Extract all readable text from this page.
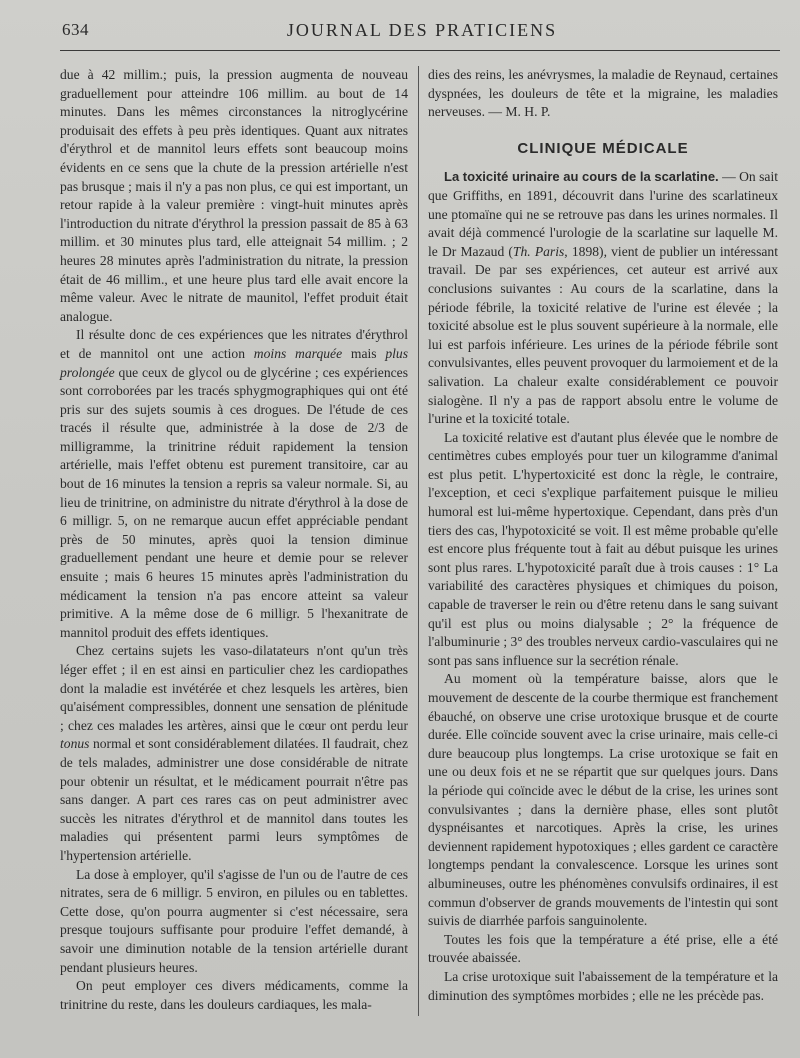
634	JOURNAL DES PRATICIENS

due à 42 millim.; puis, la pression augmenta de nouveau graduellement pour atteindre 106 millim. au bout de 14 minutes. Dans les mêmes circonstances la nitroglycérine produisait des effets à peu près identiques. Quant aux nitrates d'érythrol et de mannitol leurs effets sont beaucoup moins évidents en ce sens que la chute de la pression artérielle n'est pas brusque ; mais il n'y a pas non plus, ce qui est important, un retour rapide à la valeur première : vingt-huit minutes après l'introduction du nitrate d'érythrol la pression passait de 85 à 63 millim. et 30 minutes plus tard, elle atteignait 54 millim. ; 2 heures 28 minutes après l'administration du nitrate, la pression était de 46 millim., et une heure plus tard elle avait encore la même valeur. Avec le nitrate de maunitol, l'effet produit était analogue.

Il résulte donc de ces expériences que les nitrates d'érythrol et de mannitol ont une action moins marquée mais plus prolongée que ceux de glycol ou de glycérine ; ces expériences sont corroborées par les tracés sphygmographiques qui ont été pris sur des sujets soumis à ces drogues. De l'étude de ces tracés il résulte que, administrée à la dose de 2/3 de milligramme, la trinitrine réduit rapidement la tension artérielle, mais l'effet obtenu est purement transitoire, car au bout de 16 minutes la tension a repris sa valeur normale. Si, au lieu de trinitrine, on administre du nitrate d'érythrol à la dose de 6 milligr. 5, on ne remarque aucun effet appréciable pendant près de 50 minutes, après quoi la tension diminue graduellement pendant une heure et demie pour se relever ensuite ; mais 6 heures 15 minutes après l'administration du médicament la tension n'a pas encore atteint sa valeur primitive. A la même dose de 6 milligr. 5 l'hexanitrate de mannitol produit des effets identiques.

Chez certains sujets les vaso-dilatateurs n'ont qu'un très léger effet ; il en est ainsi en particulier chez les cardiopathes dont la maladie est invétérée et chez lesquels les artères, bien qu'aisément compressibles, donnent une sensation de plénitude ; chez ces malades les artères, ainsi que le cœur ont perdu leur tonus normal et sont considérablement dilatées. Il faudrait, chez de tels malades, administrer une dose considérable de nitrate pour obtenir un résultat, et le médicament pourrait n'être pas sans danger. A part ces rares cas on peut administrer avec succès les nitrates d'érythrol et de mannitol dans toutes les maladies qui présentent parmi leurs symptômes de l'hypertension artérielle.

La dose à employer, qu'il s'agisse de l'un ou de l'autre de ces nitrates, sera de 6 milligr. 5 environ, en pilules ou en tablettes. Cette dose, qu'on pourra augmenter si c'est nécessaire, sera presque toujours suffisante pour produire l'effet demandé, à savoir une diminution notable de la tension artérielle durant pendant plusieurs heures.

On peut employer ces divers médicaments, comme la trinitrine du reste, dans les douleurs cardiaques, les mala-

dies des reins, les anévrysmes, la maladie de Reynaud, certaines dyspnées, les douleurs de tête et la migraine, les maladies nerveuses. — M. H. P.

CLINIQUE MÉDICALE

La toxicité urinaire au cours de la scarlatine. — On sait que Griffiths, en 1891, découvrit dans l'urine des scarlatineux une ptomaïne qui ne se retrouve pas dans les urines normales. Il avait déjà commencé l'urologie de la scarlatine sur laquelle M. le Dr Mazaud (Th. Paris, 1898), vient de publier un intéressant travail. De par ses expériences, cet auteur est arrivé aux conclusions suivantes : Au cours de la scarlatine, dans la période fébrile, la toxicité relative de l'urine est élevée ; la toxicité absolue est le plus souvent supérieure à la normale, elle lui est parfois inférieure. Les urines de la période fébrile sont convulsivantes, elles peuvent provoquer du larmoiement et de la salivation. La chaleur exalte considérablement ce pouvoir sialogène. Il n'y a pas de rapport absolu entre le volume de l'urine et la toxicité totale.

La toxicité relative est d'autant plus élevée que le nombre de centimètres cubes employés pour tuer un kilogramme d'animal est plus petit. L'hypertoxicité est donc la règle, le contraire, l'exception, et ceci s'explique parfaitement puisque le milieu humoral est lui-même hypertoxique. Cependant, dans près d'un tiers des cas, l'hypotoxicité se voit. Il est même probable qu'elle est encore plus fréquente tout à fait au début puisque les urines sont plus rares. L'hypotoxicité paraît due à trois causes : 1° La variabilité des caractères physiques et chimiques du poison, capable de traverser le rein ou d'être retenu dans le sang suivant qu'il est plus ou moins dialysable ; 2° la fréquence de l'albuminurie ; 3° des troubles nerveux cardio-vasculaires qui ne sont pas sans influence sur la secrétion rénale.

Au moment où la température baisse, alors que le mouvement de descente de la courbe thermique est franchement ébauché, on observe une crise urotoxique brusque et de courte durée. Elle coïncide souvent avec la crise urinaire, mais celle-ci dure beaucoup plus longtemps. La crise urotoxique se fait en une ou deux fois et ne se répartit que sur quelques jours. Dans la période qui coïncide avec le début de la crise, les urines sont convulsivantes ; dans la dernière phase, elles sont plutôt dyspnéisantes et narcotiques. Après la crise, les urines deviennent rapidement hypotoxiques ; elles gardent ce caractère longtemps pendant la convalescence. Lorsque les urines sont albumineuses, outre les phénomènes convulsifs ordinaires, il est commun d'observer de grands mouvements de l'intestin qui sont suivis de diarrhée parfois sanguinolente.

Toutes les fois que la température a été prise, elle a été trouvée abaissée.

La crise urotoxique suit l'abaissement de la température et la diminution des symptômes morbides ; elle ne les précède pas.
